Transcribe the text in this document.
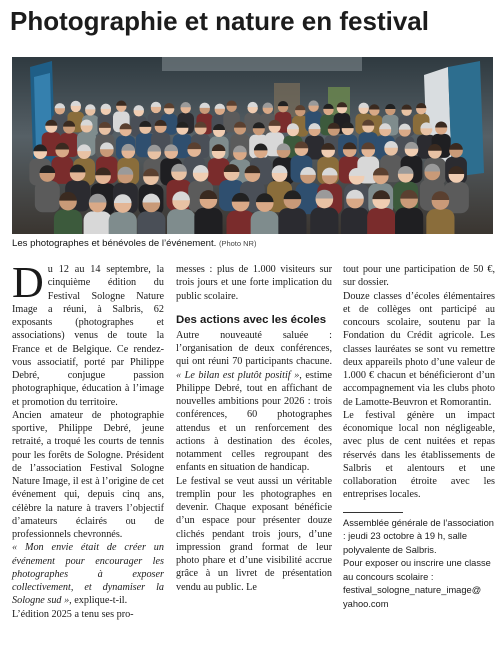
Photographie et nature en festival
Les photographes et bénévoles de l’événement. (Photo NR)

Du 12 au 14 septembre, la cinquième édition du Festival Sologne Nature Image a réuni, à Salbris, 62 exposants (photographes et associations) venus de toute la France et de Belgique. Ce rendez-vous associatif, porté par Philippe Debré, conjugue passion photographique, éducation à l’image et promotion du territoire.

Ancien amateur de photographie sportive, Philippe Debré, jeune retraité, a troqué les courts de tennis pour les forêts de Sologne. Président de l’association Festival Sologne Nature Image, il est à l’origine de cet événement qui, depuis cinq ans, célèbre la nature à travers l’objectif d’amateurs éclairés ou de professionnels chevronnés.

« Mon envie était de créer un événement pour encourager les photographes à exposer collectivement, et dynamiser la Sologne sud », explique-t-il.

L’édition 2025 a tenu ses pro-

messes : plus de 1.000 visiteurs sur trois jours et une forte implication du public scolaire.

Des actions avec les écoles

Autre nouveauté saluée : l’organisation de deux conférences, qui ont réuni 70 participants chacune. « Le bilan est plutôt positif », estime Philippe Debré, tout en affichant de nouvelles ambitions pour 2026 : trois conférences, 60 photographes attendus et un renforcement des actions à destination des écoles, notamment celles regroupant des enfants en situation de handicap.

Le festival se veut aussi un véritable tremplin pour les photographes en devenir. Chaque exposant bénéficie d’un espace pour présenter douze clichés pendant trois jours, d’une impression grand format de leur photo phare et d’une visibilité accrue grâce à un livret de présentation vendu au public. Le

tout pour une participation de 50 €, sur dossier.

Douze classes d’écoles élémentaires et de collèges ont participé au concours scolaire, soutenu par la Fondation du Crédit agricole. Les classes lauréates se sont vu remettre deux appareils photo d’une valeur de 1.000 € chacun et bénéficieront d’un accompagnement via les clubs photo de Lamotte-Beuvron et Romorantin.

Le festival génère un impact économique local non négligeable, avec plus de cent nuitées et repas réservés dans les établissements de Salbris et alentours et une collaboration étroite avec les entreprises locales.

Assemblée générale de l’association : jeudi 23 octobre à 19 h, salle polyvalente de Salbris.

Pour exposer ou inscrire une classe au concours scolaire : festival_sologne_nature_image@ yahoo.com
